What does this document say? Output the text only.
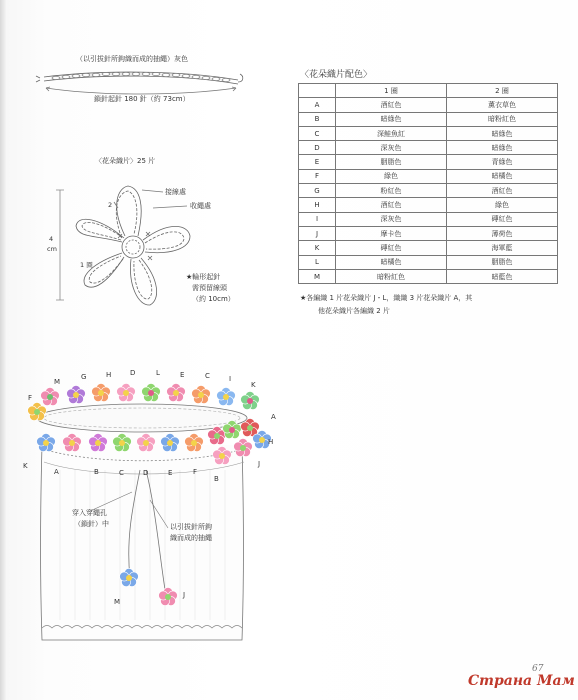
（以引拔針所鉤織而成的抽繩）灰色
鎖針起針 180 針（約 73cm）
〈花朵織片〉25 片
接線處
收繩處
2
1 圈
4
cm
★輪形起針
需預留線頭
（約 10cm）
〈花朵織片配色〉
	1 圈	2 圈
A	酒紅色	薰衣草色
B	暗綠色	暗粉紅色
C	深鮭魚紅	暗綠色
D	深灰色	暗綠色
E	胭脂色	青綠色
F	綠色	暗橘色
G	粉紅色	酒紅色
H	酒紅色	綠色
I	深灰色	磚紅色
J	摩卡色	薄荷色
K	磚紅色	海軍藍
L	暗橘色	胭脂色
M	暗粉紅色	暗藍色
★各編織 1 片花朵織片 J・L，織織 3 片花朵織片 A，其
他花朵織片各編織 2 片
M
G	H	D	L	E	C	I
K
F
K
A
H
J
A	B	C	D	E	F
B
穿入穿繩孔
（鎖針）中	以引拔針所鉤
織而成的抽繩
M
J
67
Страна Мам
